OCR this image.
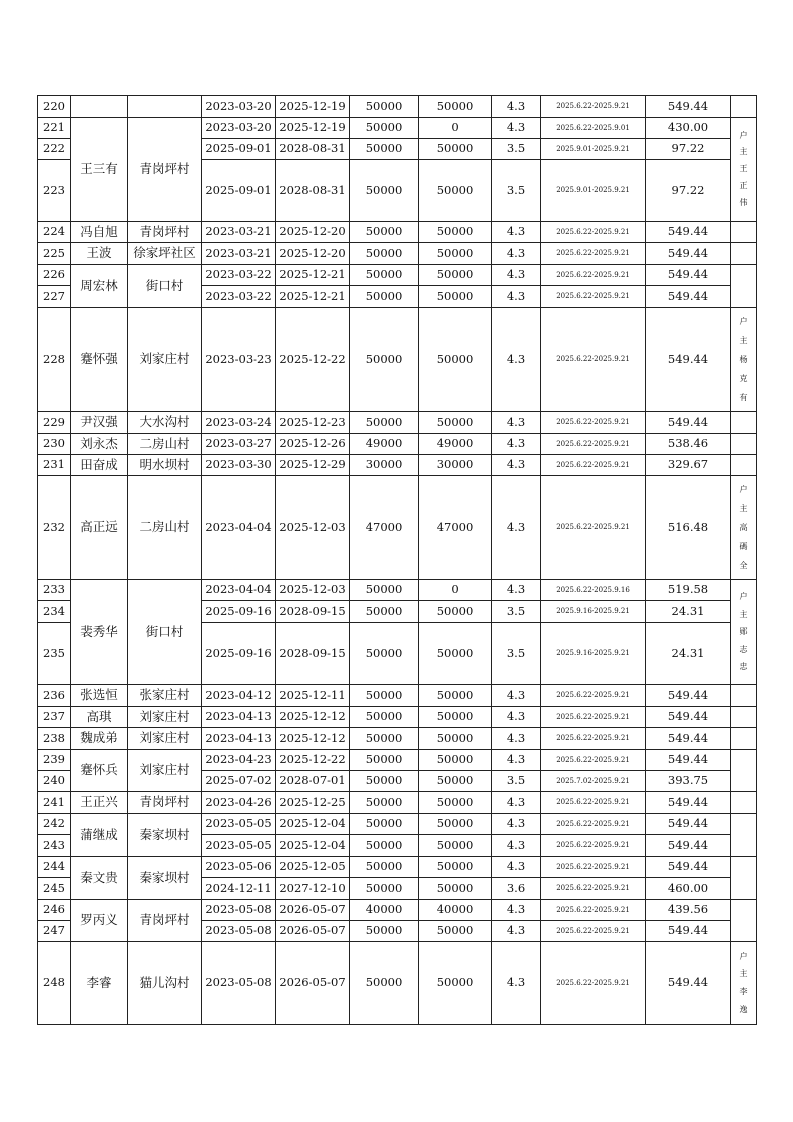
220			2023-03-20	2025-12-19	50000	50000	4.3	2025.6.22-2025.9.21	549.44	
221	王三有	青岗坪村	2023-03-20	2025-12-19	50000	0	4.3	2025.6.22-2025.9.01	430.00	户主王正伟

222			2025-09-01	2028-08-31	50000	50000	3.5	2025.9.01-2025.9.21	97.22	
223			2025-09-01	2028-08-31	50000	50000	3.5	2025.9.01-2025.9.21	97.22	
224	冯自旭	青岗坪村	2023-03-21	2025-12-20	50000	50000	4.3	2025.6.22-2025.9.21	549.44	
225	王波	徐家坪社区	2023-03-21	2025-12-20	50000	50000	4.3	2025.6.22-2025.9.21	549.44	
226	周宏林	街口村	2023-03-22	2025-12-21	50000	50000	4.3	2025.6.22-2025.9.21	549.44	
227			2023-03-22	2025-12-21	50000	50000	4.3	2025.6.22-2025.9.21	549.44	
228	蹇怀强	刘家庄村	2023-03-23	2025-12-22	50000	50000	4.3	2025.6.22-2025.9.21	549.44	户主杨克有

229	尹汉强	大水沟村	2023-03-24	2025-12-23	50000	50000	4.3	2025.6.22-2025.9.21	549.44	
230	刘永杰	二房山村	2023-03-27	2025-12-26	49000	49000	4.3	2025.6.22-2025.9.21	538.46	
231	田奋成	明水坝村	2023-03-30	2025-12-29	30000	30000	4.3	2025.6.22-2025.9.21	329.67	
232	高正远	二房山村	2023-04-04	2025-12-03	47000	47000	4.3	2025.6.22-2025.9.21	516.48	户主高碼全

233	裴秀华	街口村	2023-04-04	2025-12-03	50000	0	4.3	2025.6.22-2025.9.16	519.58	户主郧志忠

234			2025-09-16	2028-09-15	50000	50000	3.5	2025.9.16-2025.9.21	24.31	
235			2025-09-16	2028-09-15	50000	50000	3.5	2025.9.16-2025.9.21	24.31	
236	张选恒	张家庄村	2023-04-12	2025-12-11	50000	50000	4.3	2025.6.22-2025.9.21	549.44	
237	高琪	刘家庄村	2023-04-13	2025-12-12	50000	50000	4.3	2025.6.22-2025.9.21	549.44	
238	魏成弟	刘家庄村	2023-04-13	2025-12-12	50000	50000	4.3	2025.6.22-2025.9.21	549.44	
239	蹇怀兵	刘家庄村	2023-04-23	2025-12-22	50000	50000	4.3	2025.6.22-2025.9.21	549.44	
240			2025-07-02	2028-07-01	50000	50000	3.5	2025.7.02-2025.9.21	393.75	
241	王正兴	青岗坪村	2023-04-26	2025-12-25	50000	50000	4.3	2025.6.22-2025.9.21	549.44	
242	蒲继成	秦家坝村	2023-05-05	2025-12-04	50000	50000	4.3	2025.6.22-2025.9.21	549.44	
243			2023-05-05	2025-12-04	50000	50000	4.3	2025.6.22-2025.9.21	549.44	
244	秦文贵	秦家坝村	2023-05-06	2025-12-05	50000	50000	4.3	2025.6.22-2025.9.21	549.44	
245			2024-12-11	2027-12-10	50000	50000	3.6	2025.6.22-2025.9.21	460.00	
246	罗丙义	青岗坪村	2023-05-08	2026-05-07	40000	40000	4.3	2025.6.22-2025.9.21	439.56	
247			2023-05-08	2026-05-07	50000	50000	4.3	2025.6.22-2025.9.21	549.44	
248	李睿	猫儿沟村	2023-05-08	2026-05-07	50000	50000	4.3	2025.6.22-2025.9.21	549.44	户主李逸
